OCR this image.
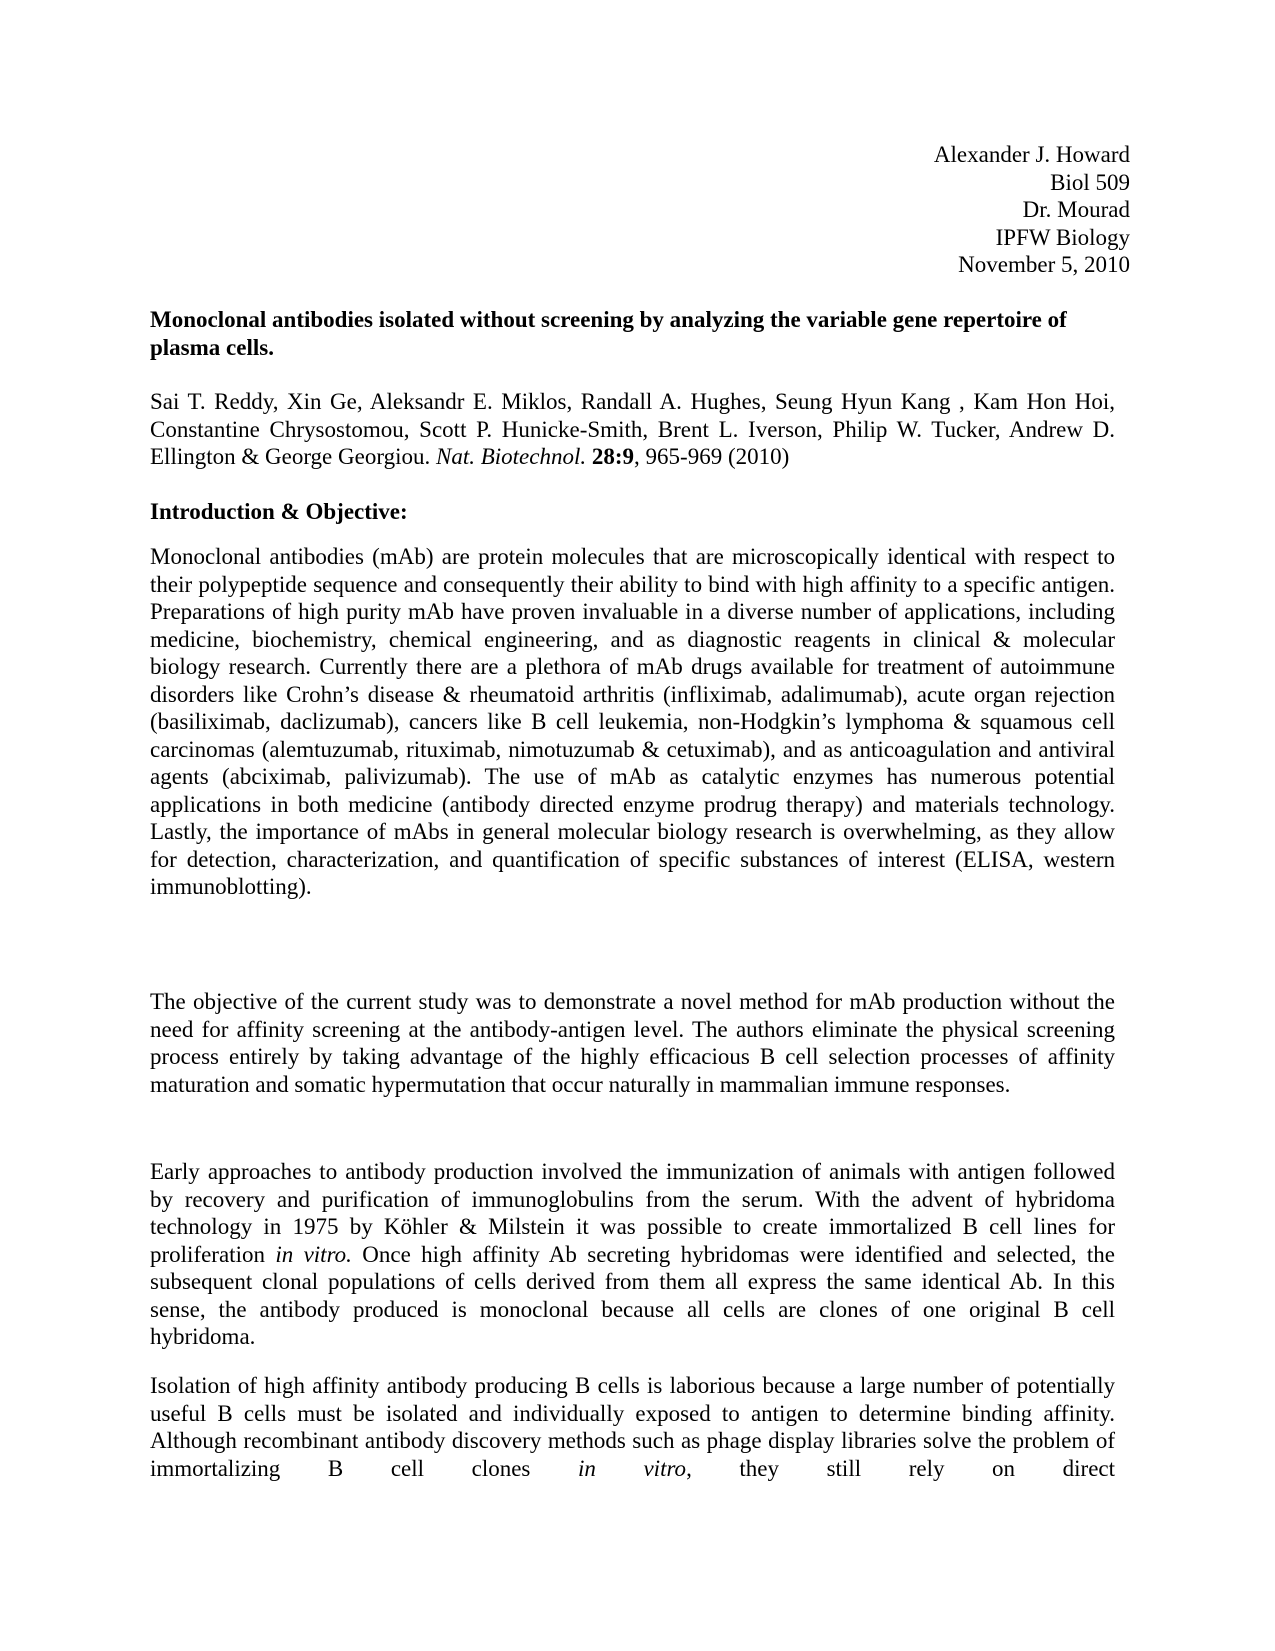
Alexander J. Howard
Biol 509
Dr. Mourad
IPFW Biology
November 5, 2010
Monoclonal antibodies isolated without screening by analyzing the variable gene repertoire of plasma cells.

Sai T. Reddy, Xin Ge, Aleksandr E. Miklos, Randall A. Hughes, Seung Hyun Kang , Kam Hon Hoi, Constantine Chrysostomou, Scott P. Hunicke-Smith, Brent L. Iverson, Philip W. Tucker, Andrew D. Ellington & George Georgiou. Nat. Biotechnol. 28:9, 965-969 (2010)

Introduction & Objective:

Monoclonal antibodies (mAb) are protein molecules that are microscopically identical with respect to their polypeptide sequence and consequently their ability to bind with high affinity to a specific antigen. Preparations of high purity mAb have proven invaluable in a diverse number of applications, including medicine, biochemistry, chemical engineering, and as diagnostic reagents in clinical & molecular biology research. Currently there are a plethora of mAb drugs available for treatment of autoimmune disorders like Crohn’s disease & rheumatoid arthritis (infliximab, adalimumab), acute organ rejection (basiliximab, daclizumab), cancers like B cell leukemia, non-Hodgkin’s lymphoma & squamous cell carcinomas (alemtuzumab, rituximab, nimotuzumab & cetuximab), and as anticoagulation and antiviral agents (abciximab, palivizumab). The use of mAb as catalytic enzymes has numerous potential applications in both medicine (antibody directed enzyme prodrug therapy) and materials technology. Lastly, the importance of mAbs in general molecular biology research is overwhelming, as they allow for detection, characterization, and quantification of specific substances of interest (ELISA, western immunoblotting).

The objective of the current study was to demonstrate a novel method for mAb production without the need for affinity screening at the antibody-antigen level. The authors eliminate the physical screening process entirely by taking advantage of the highly efficacious B cell selection processes of affinity maturation and somatic hypermutation that occur naturally in mammalian immune responses.

Early approaches to antibody production involved the immunization of animals with antigen followed by recovery and purification of immunoglobulins from the serum. With the advent of hybridoma technology in 1975 by Köhler & Milstein it was possible to create immortalized B cell lines for proliferation in vitro. Once high affinity Ab secreting hybridomas were identified and selected, the subsequent clonal populations of cells derived from them all express the same identical Ab. In this sense, the antibody produced is monoclonal because all cells are clones of one original B cell hybridoma.

Isolation of high affinity antibody producing B cells is laborious because a large number of potentially useful B cells must be isolated and individually exposed to antigen to determine binding affinity. Although recombinant antibody discovery methods such as phage display libraries solve the problem of immortalizing B cell clones in vitro, they still rely on direct
